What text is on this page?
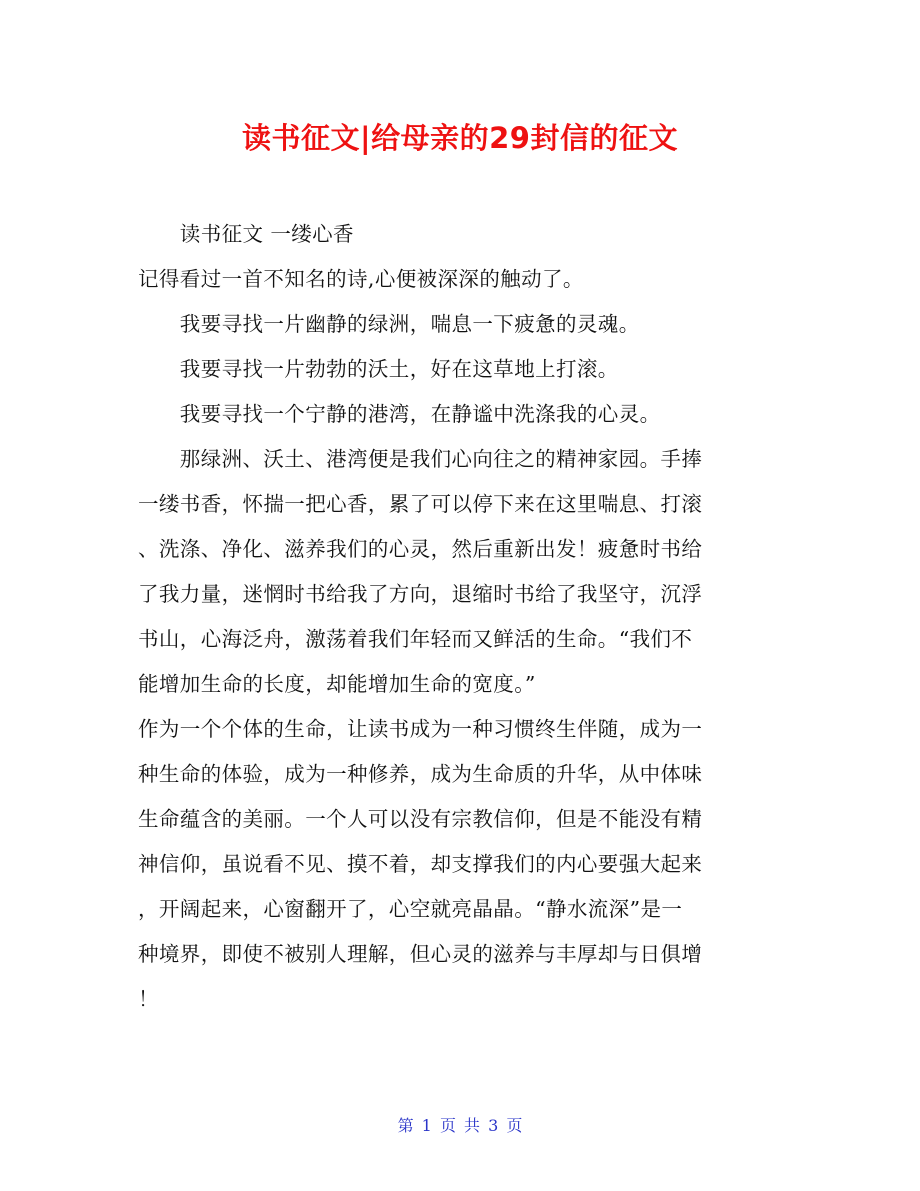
读书征文|给母亲的29封信的征文

　　读书征文 一缕心香

记得看过一首不知名的诗,心便被深深的触动了。

　　我要寻找一片幽静的绿洲，喘息一下疲惫的灵魂。

　　我要寻找一片勃勃的沃土，好在这草地上打滚。

　　我要寻找一个宁静的港湾，在静谧中洗涤我的心灵。

　　那绿洲、沃土、港湾便是我们心向往之的精神家园。手捧

一缕书香，怀揣一把心香，累了可以停下来在这里喘息、打滚

、洗涤、净化、滋养我们的心灵，然后重新出发！疲惫时书给

了我力量，迷惘时书给我了方向，退缩时书给了我坚守，沉浮

书山，心海泛舟，激荡着我们年轻而又鲜活的生命。“我们不

能增加生命的长度，却能增加生命的宽度。”

作为一个个体的生命，让读书成为一种习惯终生伴随，成为一

种生命的体验，成为一种修养，成为生命质的升华，从中体味

生命蕴含的美丽。一个人可以没有宗教信仰，但是不能没有精

神信仰，虽说看不见、摸不着，却支撑我们的内心要强大起来

，开阔起来，心窗翻开了，心空就亮晶晶。“静水流深”是一

种境界，即使不被别人理解，但心灵的滋养与丰厚却与日俱增

！

第 1 页 共 3 页
